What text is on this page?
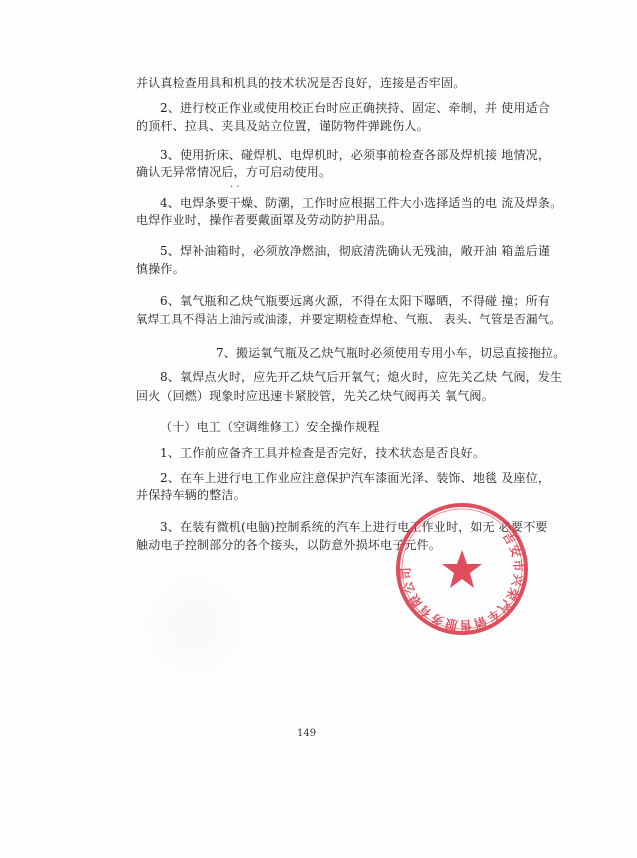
并认真检查用具和机具的技术状况是否良好，连接是否牢固。
2、进行校正作业或使用校正台时应正确挟持、固定、牵制，并 使用适合
的顶杆、拉具、夹具及站立位置，谨防物件弹跳伤人。
3、使用折床、碰焊机、电焊机时，必须事前检查各部及焊机接 地情况，
确认无异常情况后，方可启动使用。
· ·
4、电焊条要干燥、防潮，工作时应根据工件大小选择适当的电 流及焊条。
电焊作业时，操作者要戴面罩及劳动防护用品。
5、焊补油箱时，必须放净燃油，彻底清洗确认无残油，敞开油 箱盖后谨
慎操作。
6、氧气瓶和乙炔气瓶要远离火源，不得在太阳下曝晒，不得碰 撞；所有
氧焊工具不得沾上油污或油漆，并要定期检查焊枪、气瓶、 表头、气管是否漏气。
7、搬运氧气瓶及乙炔气瓶时必须使用专用小车，切忌直接拖拉。
8、氧焊点火时，应先开乙炔气后开氧气；熄火时，应先关乙炔 气阀，发生
回火（回燃）现象时应迅速卡紧胶管，先关乙炔气阀再关 氧气阀。
（十）电工（空调维修工）安全操作规程
1、工作前应备齐工具并检查是否完好，技术状态是否良好。
2、在车上进行电工作业应注意保护汽车漆面光泽、装饰、地毯 及座位，
并保持车辆的整洁。
3、在装有微机(电脑)控制系统的汽车上进行电工作业时，如无 必要不要
触动电子控制部分的各个接头，以防意外损坏电子元件。	吉安市兴荣汽车销售服务有限公司
149
